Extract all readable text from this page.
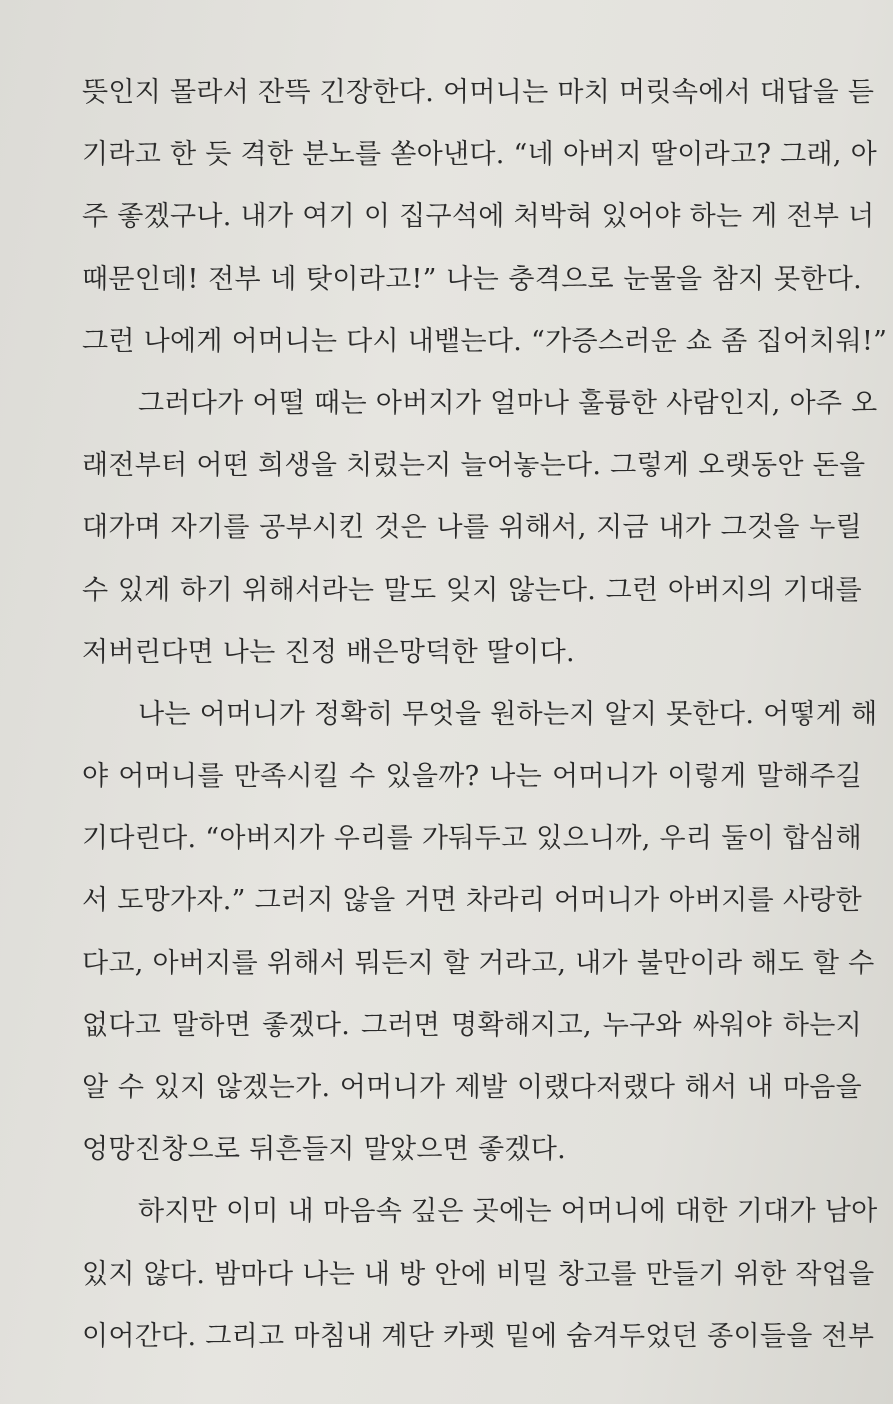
뜻인지 몰라서 잔뜩 긴장한다. 어머니는 마치 머릿속에서 대답을 듣
기라고 한 듯 격한 분노를 쏟아낸다. “네 아버지 딸이라고? 그래, 아
주 좋겠구나. 내가 여기 이 집구석에 처박혀 있어야 하는 게 전부 너
때문인데! 전부 네 탓이라고!” 나는 충격으로 눈물을 참지 못한다.
그런 나에게 어머니는 다시 내뱉는다. “가증스러운 쇼 좀 집어치워!”
그러다가 어떨 때는 아버지가 얼마나 훌륭한 사람인지, 아주 오
래전부터 어떤 희생을 치렀는지 늘어놓는다. 그렇게 오랫동안 돈을
대가며 자기를 공부시킨 것은 나를 위해서, 지금 내가 그것을 누릴
수 있게 하기 위해서라는 말도 잊지 않는다. 그런 아버지의 기대를
저버린다면 나는 진정 배은망덕한 딸이다.
나는 어머니가 정확히 무엇을 원하는지 알지 못한다. 어떻게 해
야 어머니를 만족시킬 수 있을까? 나는 어머니가 이렇게 말해주길
기다린다. “아버지가 우리를 가둬두고 있으니까, 우리 둘이 합심해
서 도망가자.” 그러지 않을 거면 차라리 어머니가 아버지를 사랑한
다고, 아버지를 위해서 뭐든지 할 거라고, 내가 불만이라 해도 할 수
없다고 말하면 좋겠다. 그러면 명확해지고, 누구와 싸워야 하는지
알 수 있지 않겠는가. 어머니가 제발 이랬다저랬다 해서 내 마음을
엉망진창으로 뒤흔들지 말았으면 좋겠다.
하지만 이미 내 마음속 깊은 곳에는 어머니에 대한 기대가 남아
있지 않다. 밤마다 나는 내 방 안에 비밀 창고를 만들기 위한 작업을
이어간다. 그리고 마침내 계단 카펫 밑에 숨겨두었던 종이들을 전부
